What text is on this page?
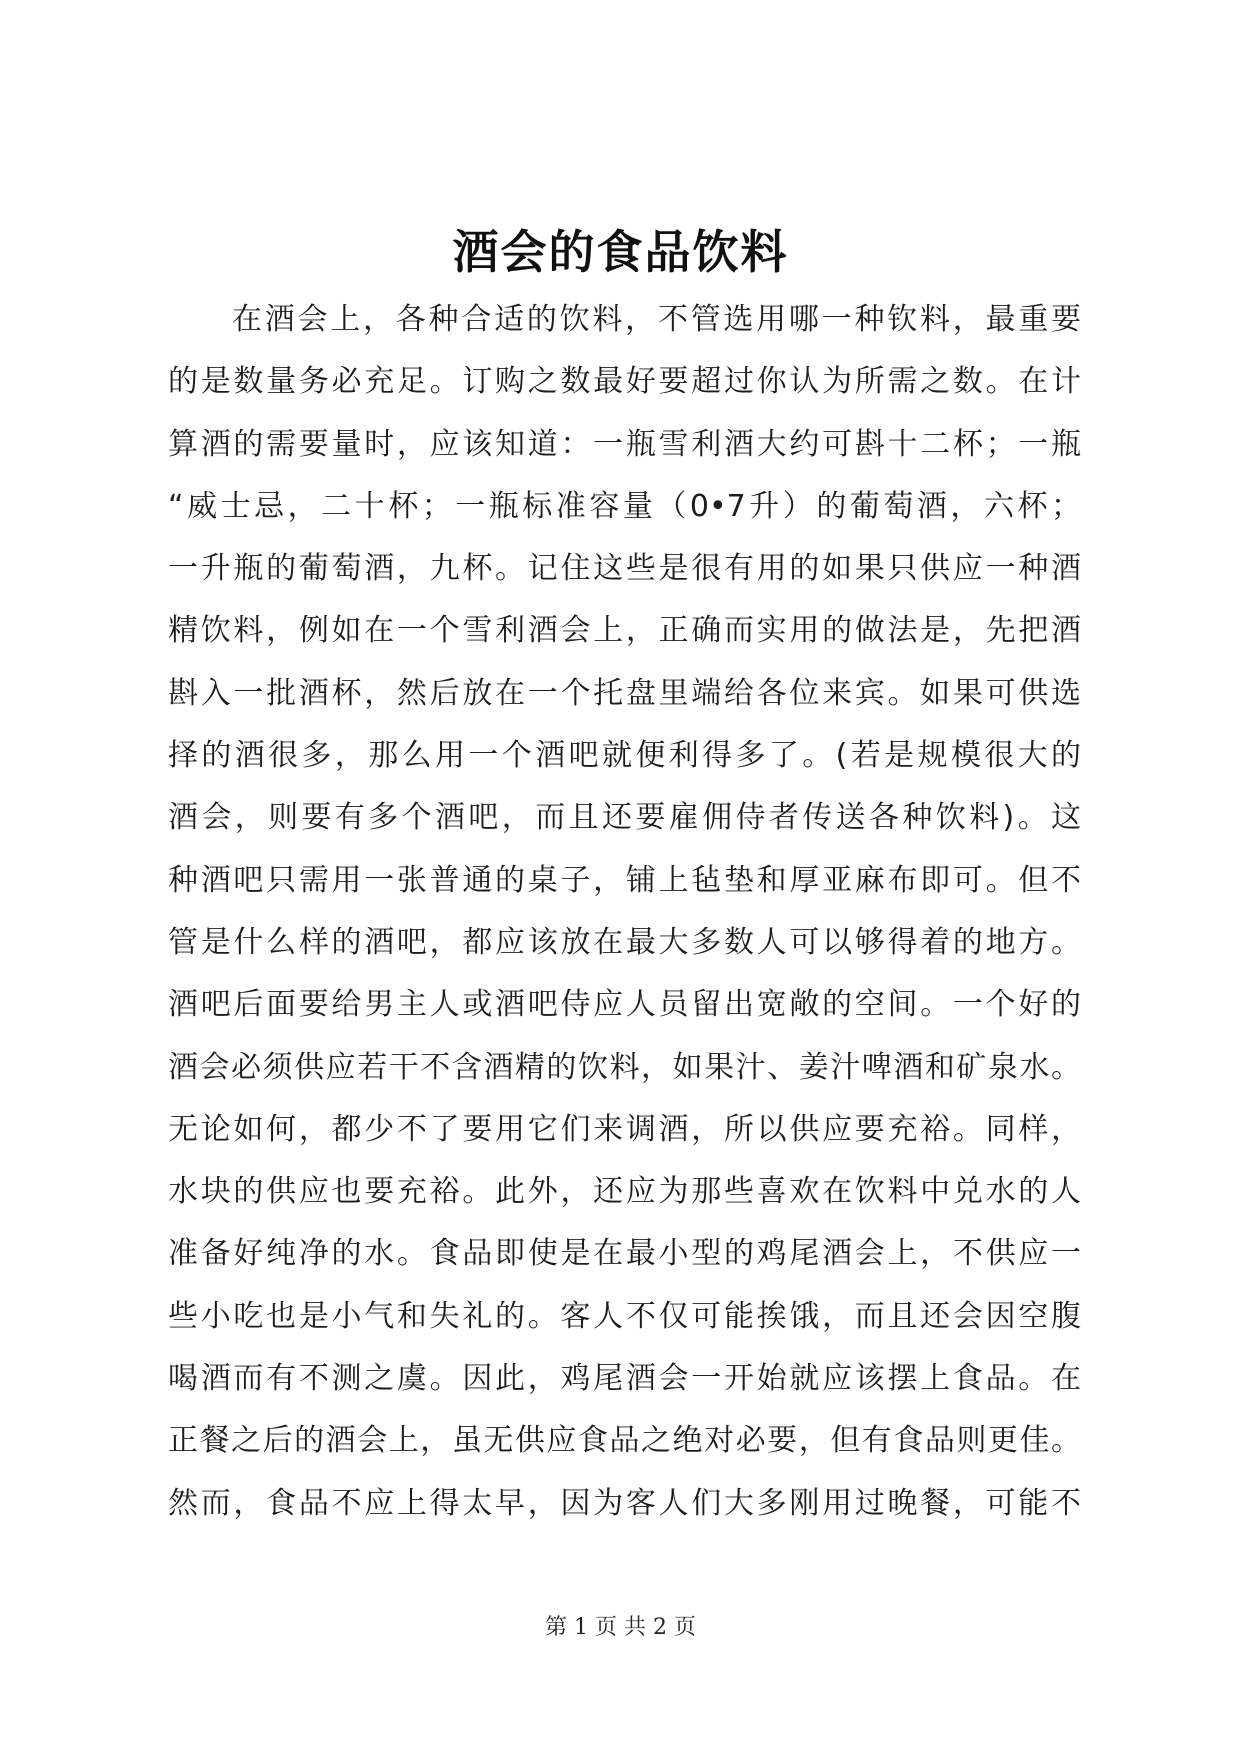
酒会的食品饮料
在酒会上，各种合适的饮料，不管选用哪一种钦料，最重要
的是数量务必充足。订购之数最好要超过你认为所需之数。在计
算酒的需要量时，应该知道：一瓶雪利酒大约可斟十二杯；一瓶
“威士忌，二十杯；一瓶标准容量（0•7升）的葡萄酒，六杯；
一升瓶的葡萄酒，九杯。记住这些是很有用的如果只供应一种酒
精饮料，例如在一个雪利酒会上，正确而实用的做法是，先把酒
斟入一批酒杯，然后放在一个托盘里端给各位来宾。如果可供选
择的酒很多，那么用一个酒吧就便利得多了。(若是规模很大的
酒会，则要有多个酒吧，而且还要雇佣侍者传送各种饮料)。这
种酒吧只需用一张普通的桌子，铺上毡垫和厚亚麻布即可。但不
管是什么样的酒吧，都应该放在最大多数人可以够得着的地方。
酒吧后面要给男主人或酒吧侍应人员留出宽敞的空间。一个好的
酒会必须供应若干不含酒精的饮料，如果汁、姜汁啤酒和矿泉水。
无论如何，都少不了要用它们来调酒，所以供应要充裕。同样，
水块的供应也要充裕。此外，还应为那些喜欢在饮料中兑水的人
准备好纯净的水。食品即使是在最小型的鸡尾酒会上，不供应一
些小吃也是小气和失礼的。客人不仅可能挨饿，而且还会因空腹
喝酒而有不测之虞。因此，鸡尾酒会一开始就应该摆上食品。在
正餐之后的酒会上，虽无供应食品之绝对必要，但有食品则更佳。
然而，食品不应上得太早，因为客人们大多刚用过晚餐，可能不
第 1 页 共 2 页
